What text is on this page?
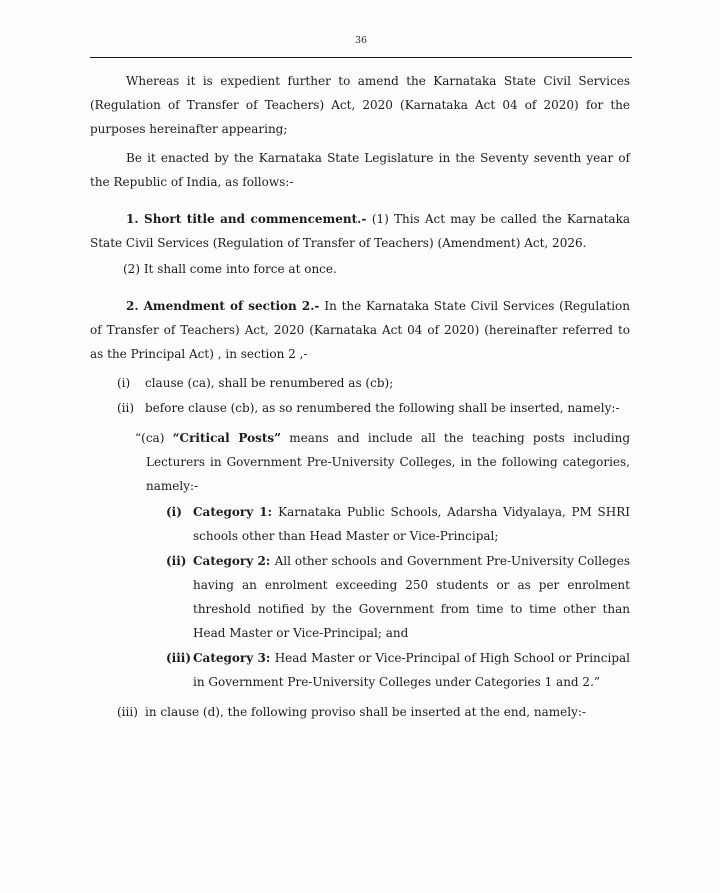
36

Whereas it is expedient further to amend the Karnataka State Civil Services (Regulation of Transfer of Teachers) Act, 2020 (Karnataka Act 04 of 2020) for the purposes hereinafter appearing;

Be it enacted by the Karnataka State Legislature in the Seventy seventh year of the Republic of India, as follows:-

1. Short title and commencement.- (1) This Act may be called the Karnataka State Civil Services (Regulation of Transfer of Teachers) (Amendment) Act, 2026.

(2) It shall come into force at once.

2. Amendment of section 2.- In the Karnataka State Civil Services (Regulation of Transfer of Teachers) Act, 2020 (Karnataka Act 04 of 2020) (hereinafter referred to as the Principal Act) , in section 2 ,-

(i)	clause (ca), shall be renumbered as (cb);
(ii) before clause (cb), as so renumbered the following shall be inserted, namely:-

“(ca) “Critical Posts” means and include all the teaching posts including Lecturers in Government Pre-University Colleges, in the following categories, namely:-

(i) Category 1: Karnataka Public Schools, Adarsha Vidyalaya, PM SHRI schools other than Head Master or Vice-Principal;
(ii) Category 2: All other schools and Government Pre-University Colleges having an enrolment exceeding 250 students or as per enrolment threshold notified by the Government from time to time other than Head Master or Vice-Principal; and
(iii) Category 3: Head Master or Vice-Principal of High School or Principal in Government Pre-University Colleges under Categories 1 and 2.”
(iii) in clause (d), the following proviso shall be inserted at the end, namely:-
